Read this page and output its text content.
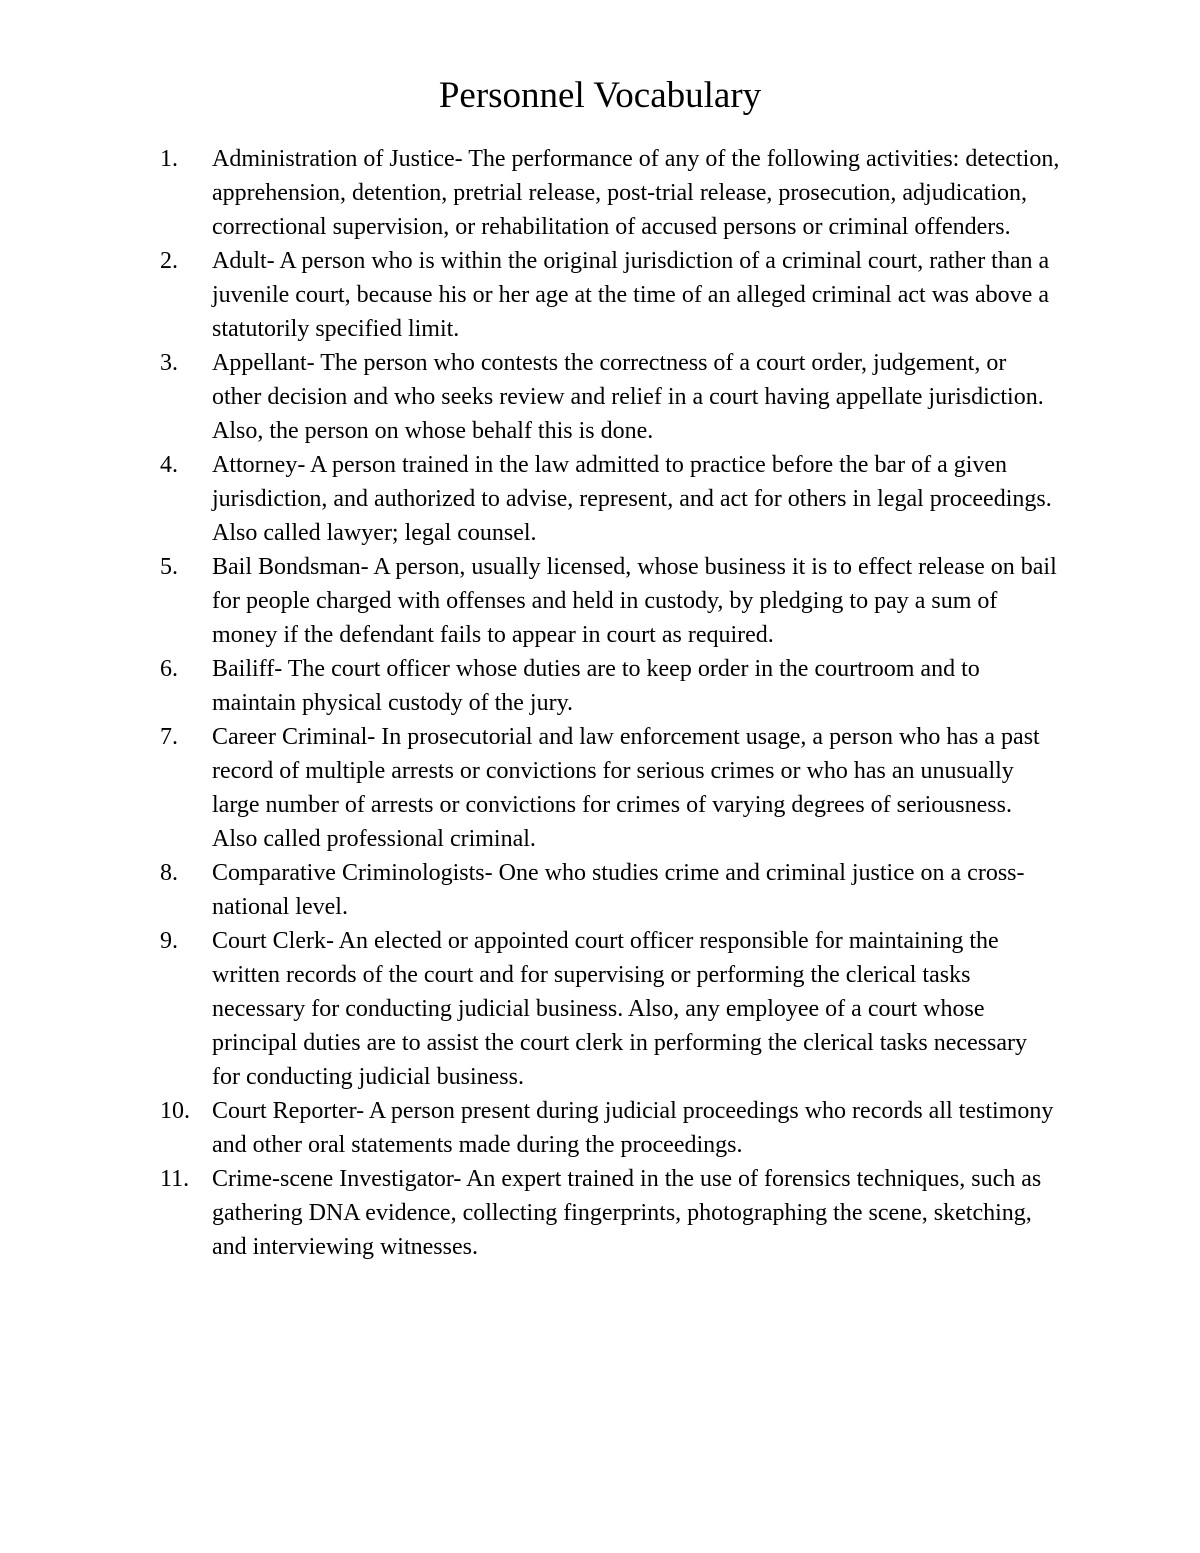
Personnel Vocabulary
1.	Administration of Justice- The performance of any of the following activities: detection, apprehension, detention, pretrial release, post-trial release, prosecution, adjudication, correctional supervision, or rehabilitation of accused persons or criminal offenders.
2.	Adult- A person who is within the original jurisdiction of a criminal court, rather than a juvenile court, because his or her age at the time of an alleged criminal act was above a statutorily specified limit.
3.	Appellant- The person who contests the correctness of a court order, judgement, or other decision and who seeks review and relief in a court having appellate jurisdiction. Also, the person on whose behalf this is done.
4.	Attorney- A person trained in the law admitted to practice before the bar of a given jurisdiction, and authorized to advise, represent, and act for others in legal proceedings. Also called lawyer; legal counsel.
5.	Bail Bondsman- A person, usually licensed, whose business it is to effect release on bail for people charged with offenses and held in custody, by pledging to pay a sum of money if the defendant fails to appear in court as required.
6.	Bailiff- The court officer whose duties are to keep order in the courtroom and to maintain physical custody of the jury.
7.	Career Criminal- In prosecutorial and law enforcement usage, a person who has a past record of multiple arrests or convictions for serious crimes or who has an unusually large number of arrests or convictions for crimes of varying degrees of seriousness. Also called professional criminal.
8.	Comparative Criminologists- One who studies crime and criminal justice on a cross-national level.
9.	Court Clerk- An elected or appointed court officer responsible for maintaining the written records of the court and for supervising or performing the clerical tasks necessary for conducting judicial business. Also, any employee of a court whose principal duties are to assist the court clerk in performing the clerical tasks necessary for conducting judicial business.
10. Court Reporter- A person present during judicial proceedings who records all testimony and other oral statements made during the proceedings.
11. Crime-scene Investigator- An expert trained in the use of forensics techniques, such as gathering DNA evidence, collecting fingerprints, photographing the scene, sketching, and interviewing witnesses.
